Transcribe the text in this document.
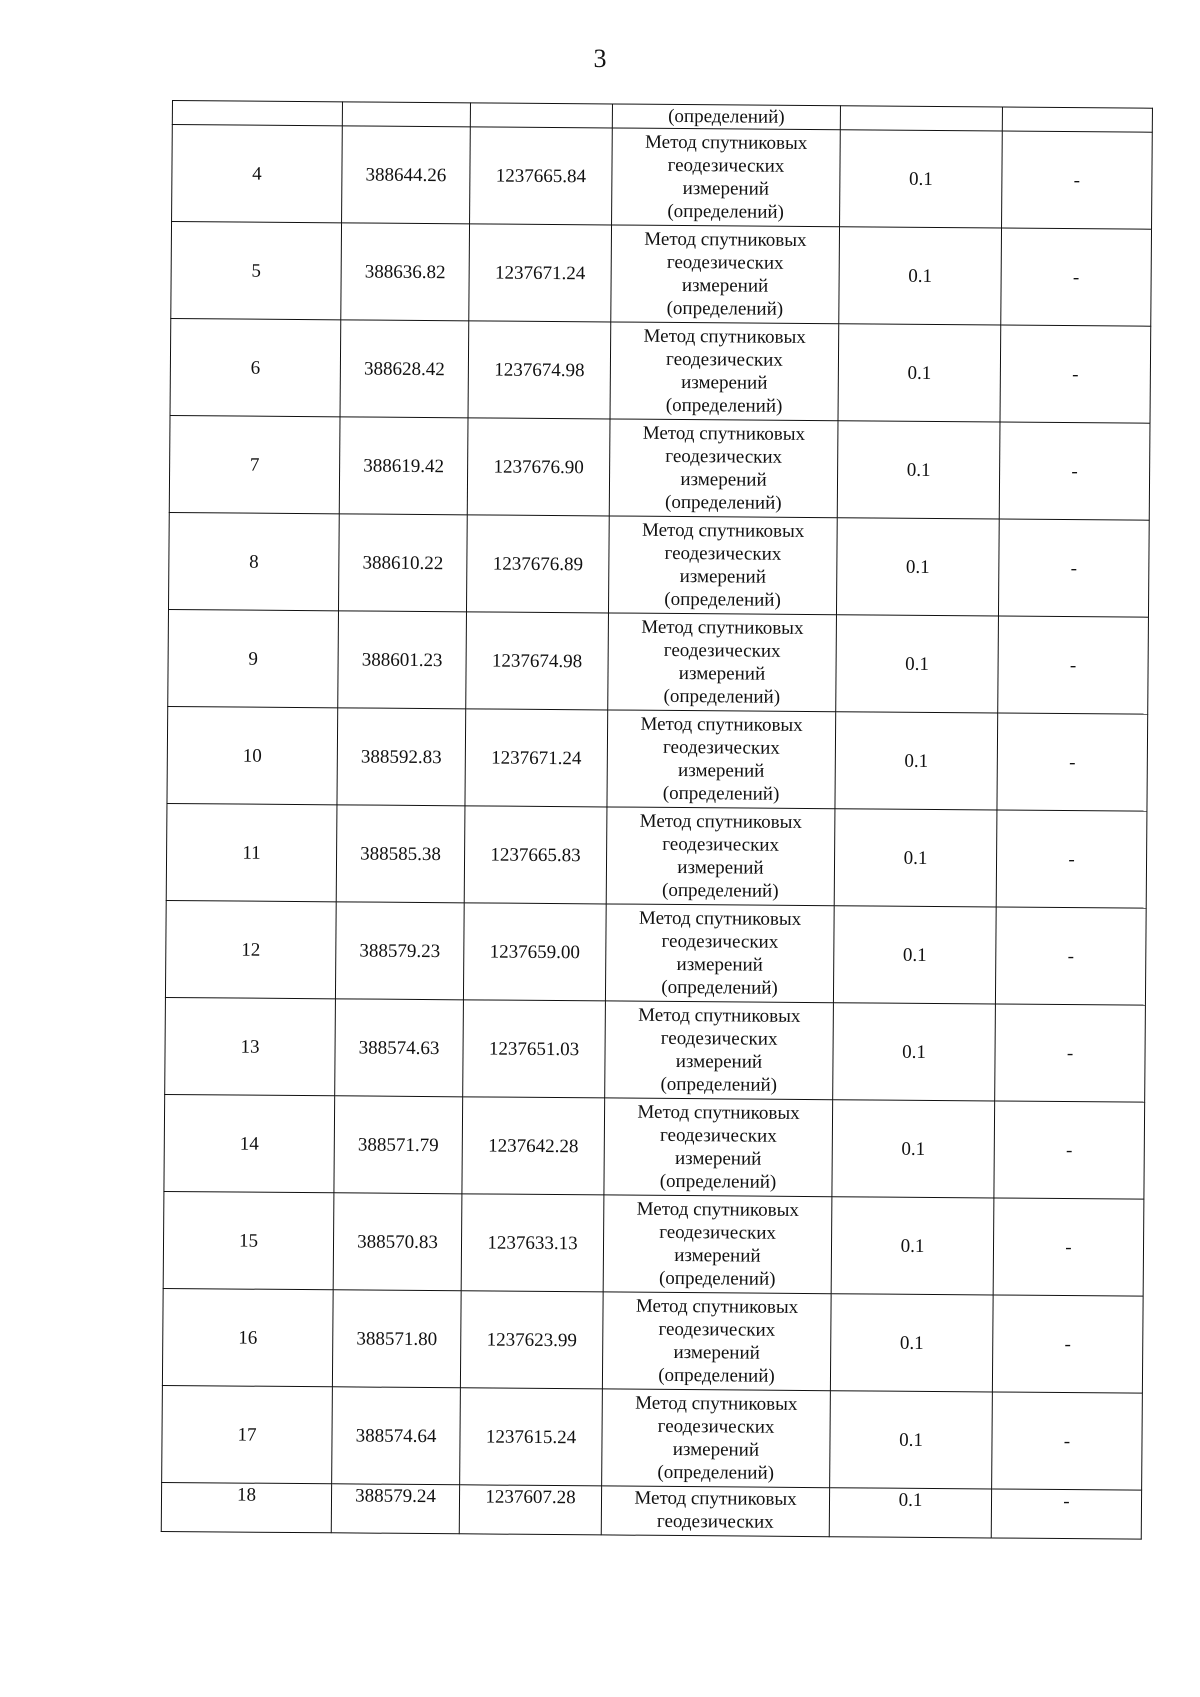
3
			(определений)		
4	388644.26	1237665.84	Метод спутниковых
геодезических
измерений
(определений)	0.1	-
5	388636.82	1237671.24	Метод спутниковых
геодезических
измерений
(определений)	0.1	-
6	388628.42	1237674.98	Метод спутниковых
геодезических
измерений
(определений)	0.1	-
7	388619.42	1237676.90	Метод спутниковых
геодезических
измерений
(определений)	0.1	-
8	388610.22	1237676.89	Метод спутниковых
геодезических
измерений
(определений)	0.1	-
9	388601.23	1237674.98	Метод спутниковых
геодезических
измерений
(определений)	0.1	-
10	388592.83	1237671.24	Метод спутниковых
геодезических
измерений
(определений)	0.1	-
11	388585.38	1237665.83	Метод спутниковых
геодезических
измерений
(определений)	0.1	-
12	388579.23	1237659.00	Метод спутниковых
геодезических
измерений
(определений)	0.1	-
13	388574.63	1237651.03	Метод спутниковых
геодезических
измерений
(определений)	0.1	-
14	388571.79	1237642.28	Метод спутниковых
геодезических
измерений
(определений)	0.1	-
15	388570.83	1237633.13	Метод спутниковых
геодезических
измерений
(определений)	0.1	-
16	388571.80	1237623.99	Метод спутниковых
геодезических
измерений
(определений)	0.1	-
17	388574.64	1237615.24	Метод спутниковых
геодезических
измерений
(определений)	0.1	-
18	388579.24	1237607.28	Метод спутниковых
геодезических	0.1	-
